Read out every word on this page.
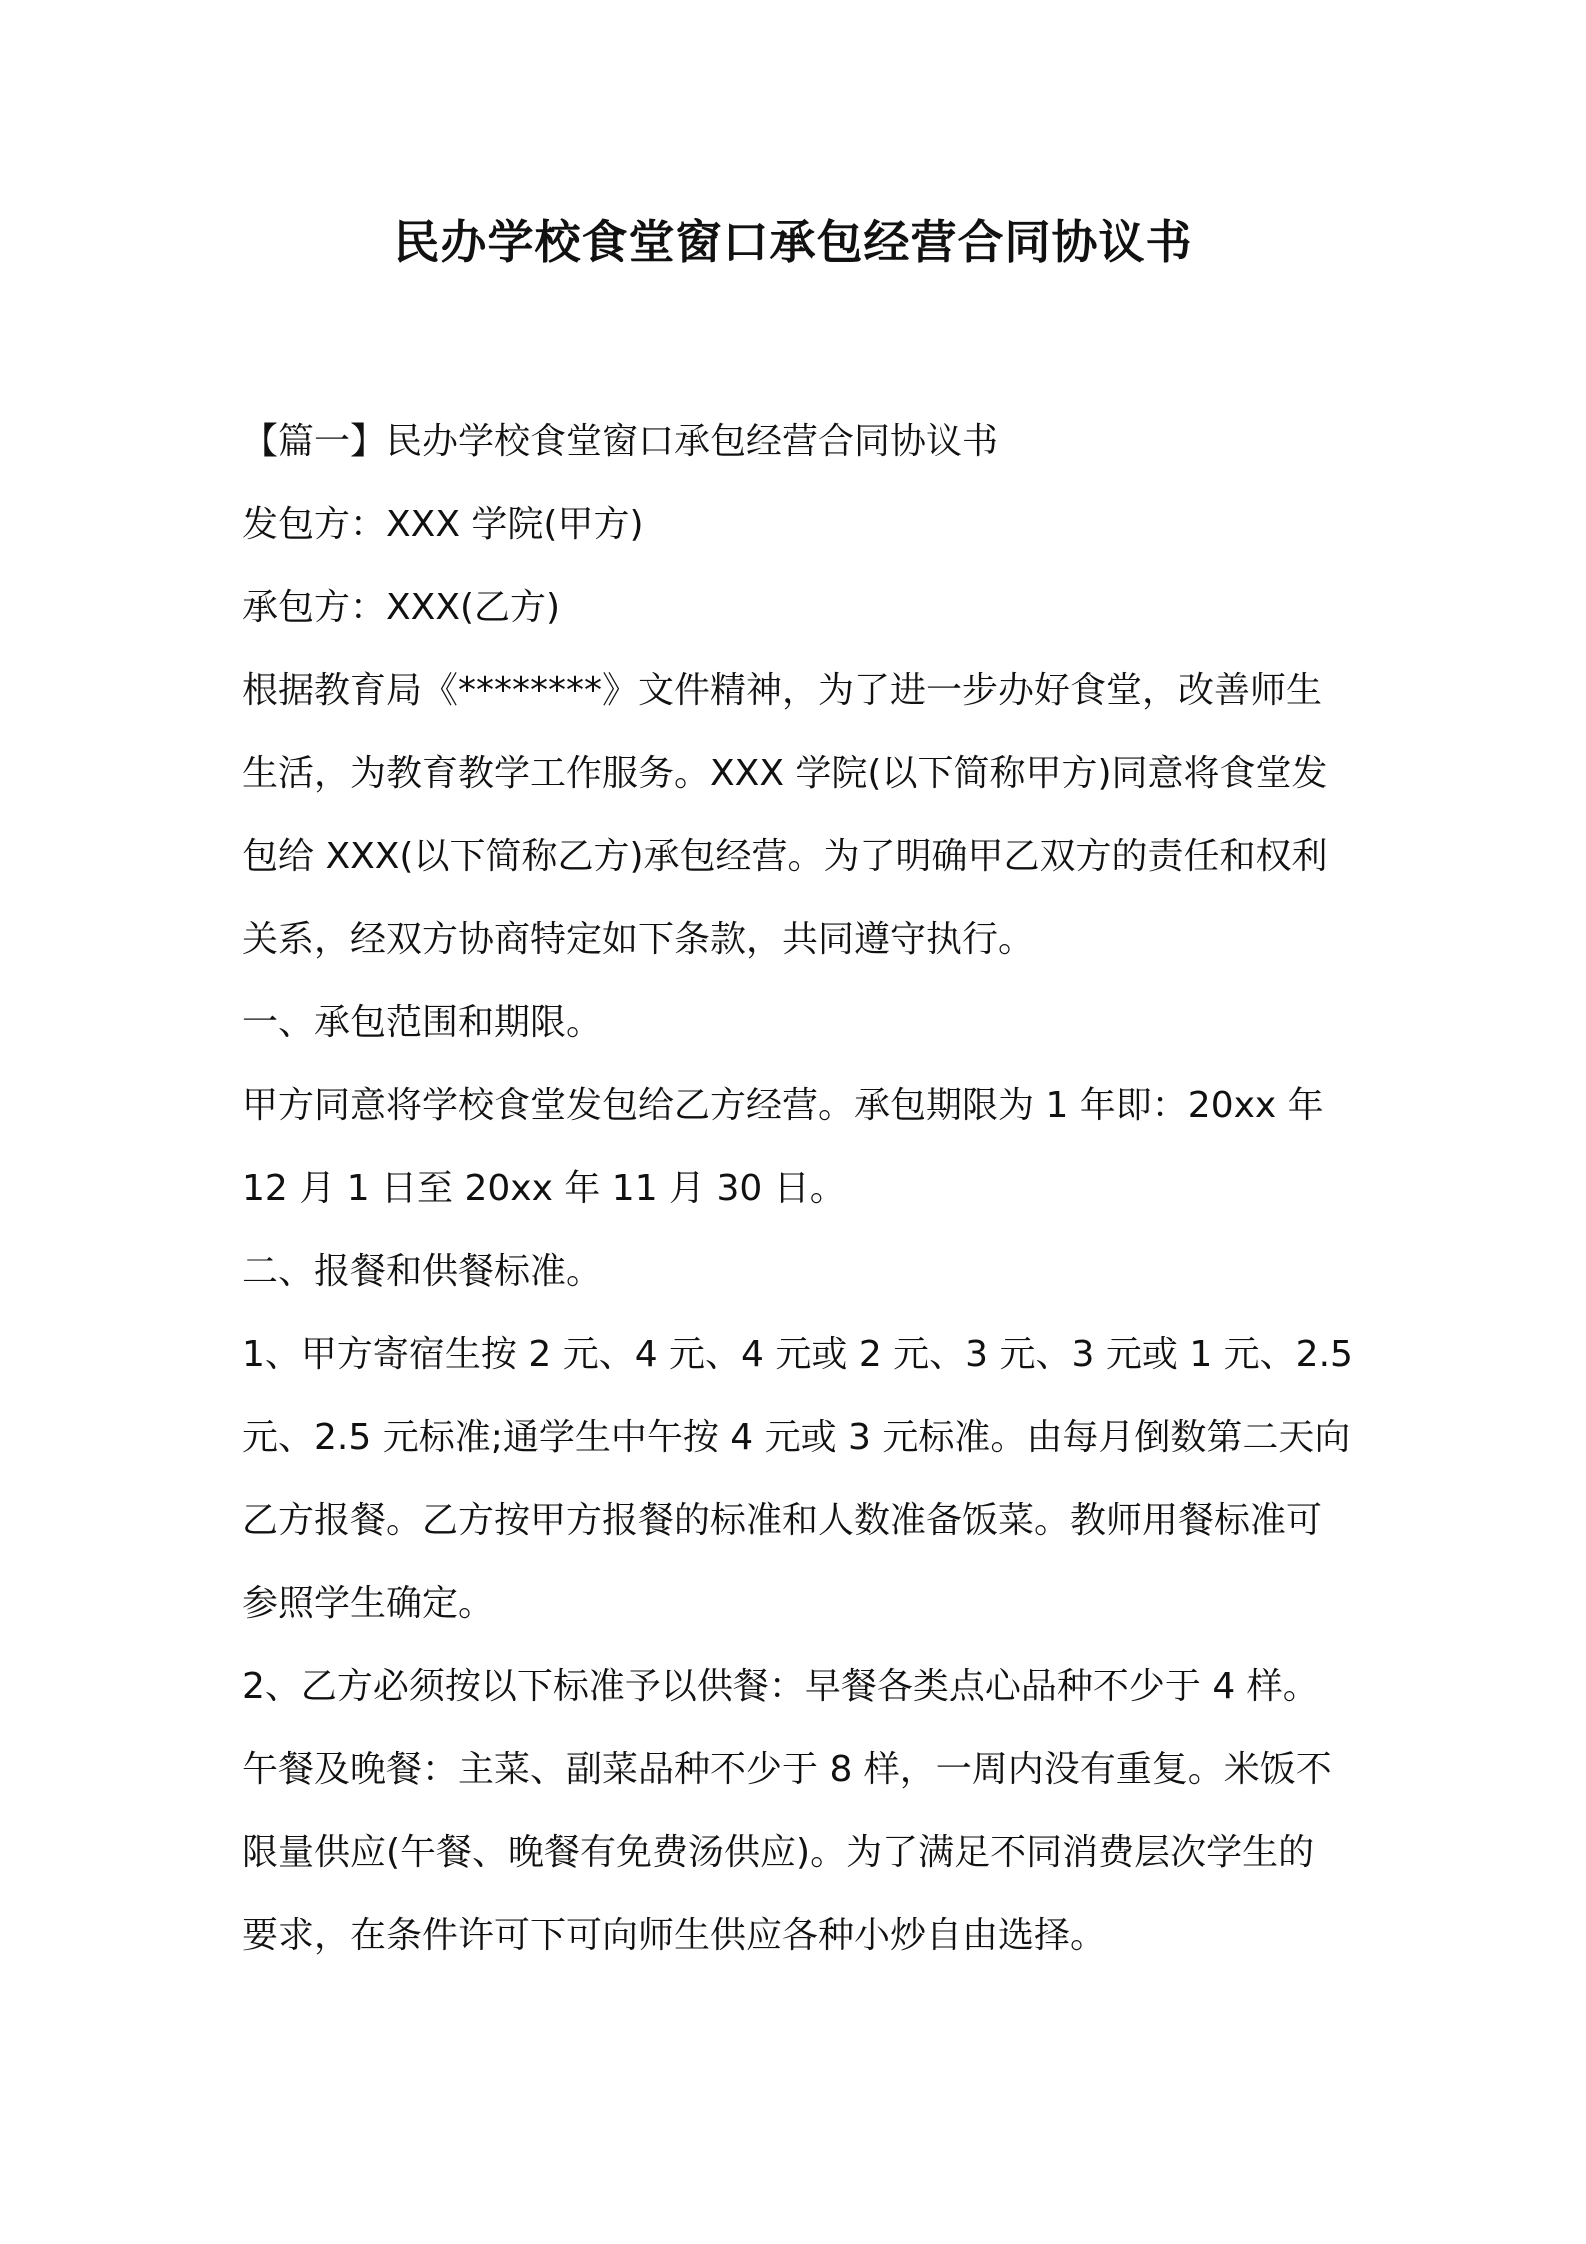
民办学校食堂窗口承包经营合同协议书
【篇一】民办学校食堂窗口承包经营合同协议书
发包方：XXX 学院(甲方)
承包方：XXX(乙方)
根据教育局《********》文件精神，为了进一步办好食堂，改善师生
生活，为教育教学工作服务。XXX 学院(以下简称甲方)同意将食堂发
包给 XXX(以下简称乙方)承包经营。为了明确甲乙双方的责任和权利
关系，经双方协商特定如下条款，共同遵守执行。
一、承包范围和期限。
甲方同意将学校食堂发包给乙方经营。承包期限为 1 年即：20xx 年
12 月 1 日至 20xx 年 11 月 30 日。
二、报餐和供餐标准。
1、甲方寄宿生按 2 元、4 元、4 元或 2 元、3 元、3 元或 1 元、2.5
元、2.5 元标准;通学生中午按 4 元或 3 元标准。由每月倒数第二天向
乙方报餐。乙方按甲方报餐的标准和人数准备饭菜。教师用餐标准可
参照学生确定。
2、乙方必须按以下标准予以供餐：早餐各类点心品种不少于 4 样。
午餐及晚餐：主菜、副菜品种不少于 8 样，一周内没有重复。米饭不
限量供应(午餐、晚餐有免费汤供应)。为了满足不同消费层次学生的
要求，在条件许可下可向师生供应各种小炒自由选择。
